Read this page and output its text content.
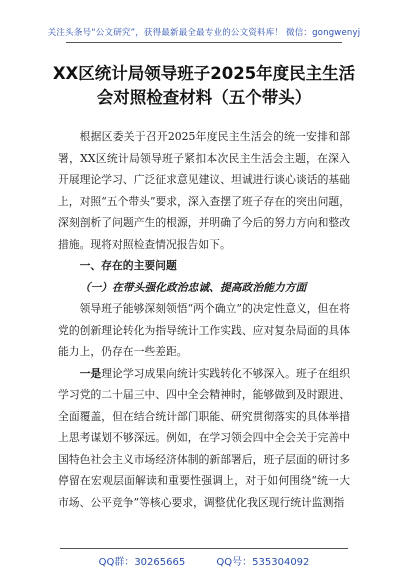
关注头条号“公文研究”，获得最新最全最专业的公文资料库！ 微信：gongwenyj
XX区统计局领导班子2025年度民主生活
会对照检查材料（五个带头）

根据区委关于召开2025年度民主生活会的统一安排和部署，XX区统计局领导班子紧扣本次民主生活会主题，在深入开展理论学习、广泛征求意见建议、坦诚进行谈心谈话的基础上，对照“五个带头”要求，深入查摆了班子存在的突出问题，深刻剖析了问题产生的根源，并明确了今后的努力方向和整改措施。现将对照检查情况报告如下。

一、存在的主要问题

（一）在带头强化政治忠诚、提高政治能力方面

领导班子能够深刻领悟“两个确立”的决定性意义，但在将党的创新理论转化为指导统计工作实践、应对复杂局面的具体能力上，仍存在一些差距。

一是理论学习成果向统计实践转化不够深入。班子在组织学习党的二十届三中、四中全会精神时，能够做到及时跟进、全面覆盖，但在结合统计部门职能、研究贯彻落实的具体举措上思考谋划不够深远。例如，在学习领会四中全会关于完善中国特色社会主义市场经济体制的新部署后，班子层面的研讨多停留在宏观层面解读和重要性强调上，对于如何围绕“统一大市场、公平竞争”等核心要求，调整优化我区现行统计监测指

QQ群：30265665	QQ号：535304092
